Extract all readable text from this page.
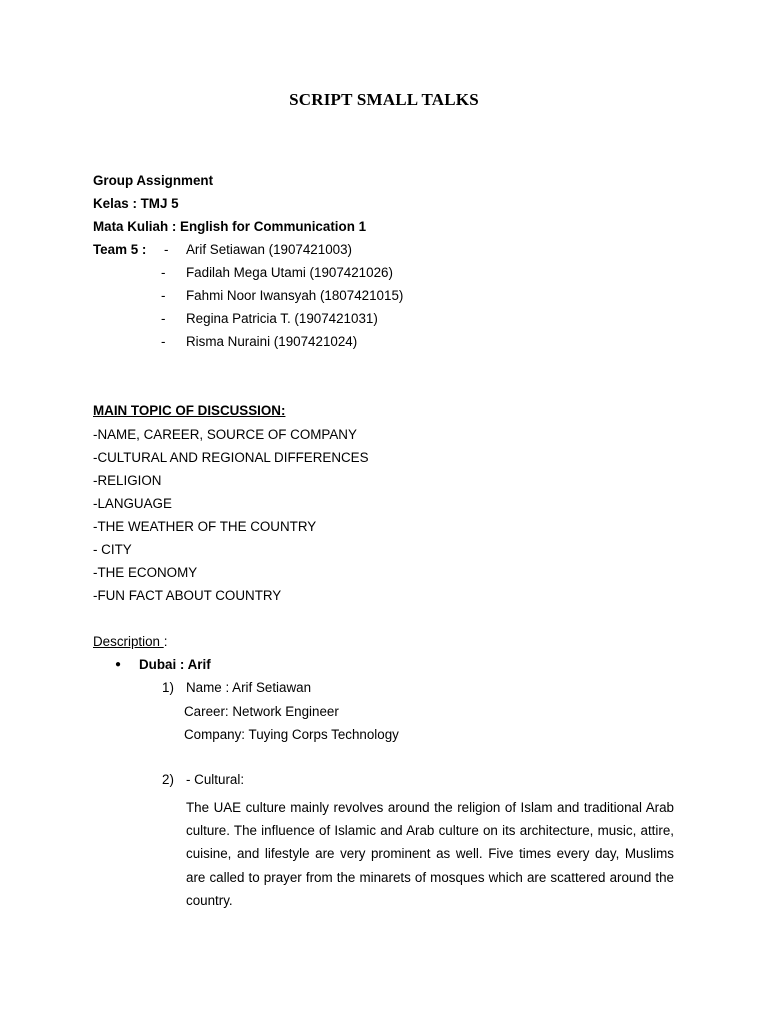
SCRIPT SMALL TALKS
Group Assignment
Kelas : TMJ 5
Mata Kuliah : English for Communication 1
Team 5 : - Arif Setiawan (1907421003)
- Fadilah Mega Utami (1907421026)
- Fahmi Noor Iwansyah (1807421015)
- Regina Patricia T. (1907421031)
- Risma Nuraini (1907421024)
MAIN TOPIC OF DISCUSSION:
-NAME, CAREER, SOURCE OF COMPANY
-CULTURAL AND REGIONAL DIFFERENCES
-RELIGION
-LANGUAGE
-THE WEATHER OF THE COUNTRY
- CITY
-THE ECONOMY
-FUN FACT ABOUT COUNTRY
Description :
● Dubai : Arif
1) Name : Arif Setiawan
Career: Network Engineer
Company: Tuying Corps Technology
2) - Cultural:
The UAE culture mainly revolves around the religion of Islam and traditional Arab culture. The influence of Islamic and Arab culture on its architecture, music, attire, cuisine, and lifestyle are very prominent as well. Five times every day, Muslims are called to prayer from the minarets of mosques which are scattered around the country.
